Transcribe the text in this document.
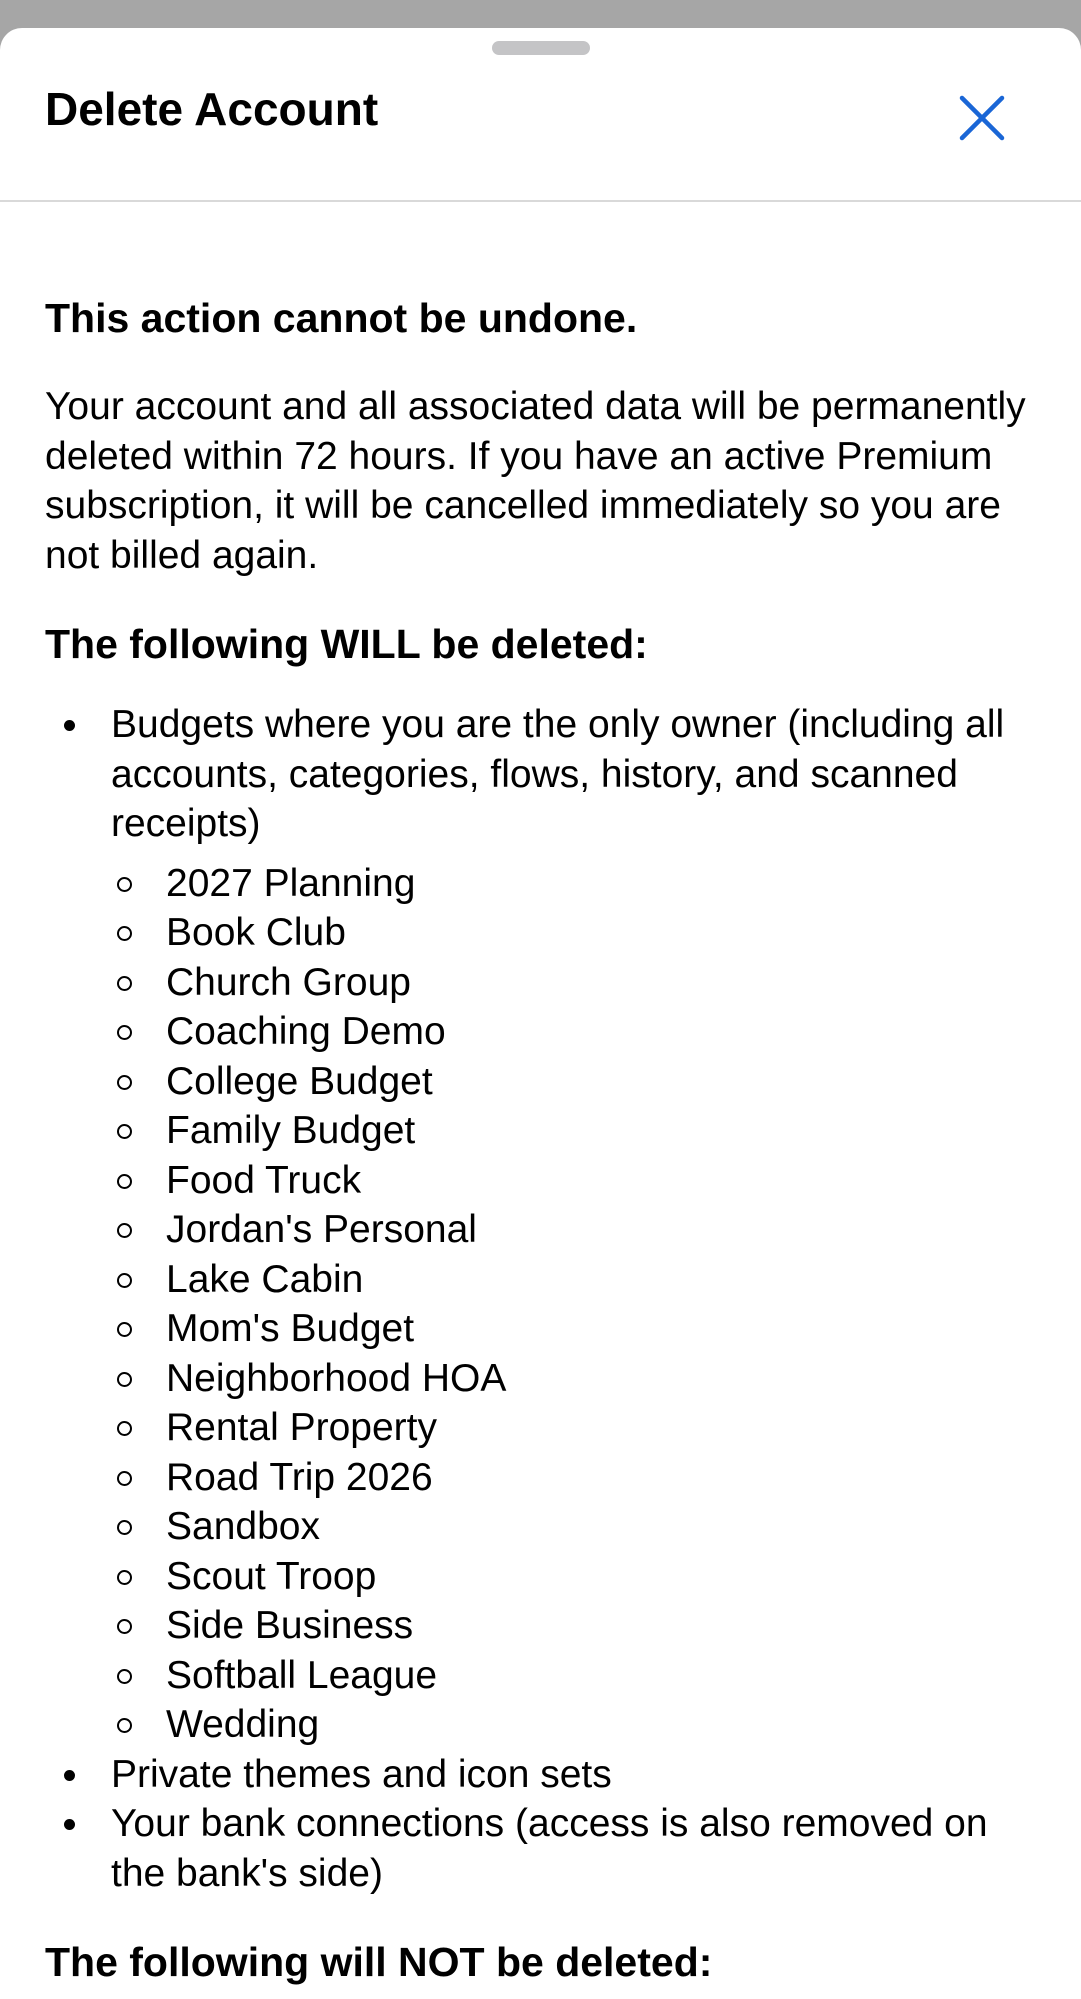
Delete Account

This action cannot be undone.

Your account and all associated data will be permanently deleted within 72 hours. If you have an active Premium subscription, it will be cancelled immediately so you are not billed again.

The following WILL be deleted:

Budgets where you are the only owner (including all accounts, categories, flows, history, and scanned receipts)
2027 Planning
Book Club
Church Group
Coaching Demo
College Budget
Family Budget
Food Truck
Jordan's Personal
Lake Cabin
Mom's Budget
Neighborhood HOA
Rental Property
Road Trip 2026
Sandbox
Scout Troop
Side Business
Softball League
Wedding
Private themes and icon sets
Your bank connections (access is also removed on the bank's side)

The following will NOT be deleted:
